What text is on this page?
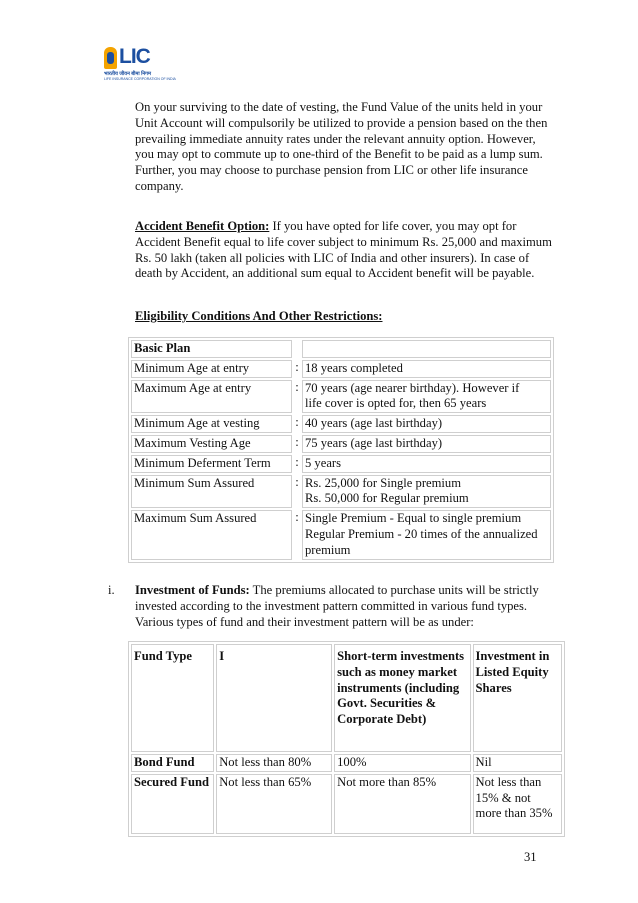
LIC
भारतीय जीवन बीमा निगम
LIFE INSURANCE CORPORATION OF INDIA
On your surviving to the date of vesting, the Fund Value of the units held in your Unit Account will compulsorily be utilized to provide a pension based on the then prevailing immediate annuity rates under the relevant annuity option. However, you may opt to commute up to one-third of the Benefit to be paid as a lump sum. Further, you may choose to purchase pension from LIC or other life insurance company.
Accident Benefit Option: If you have opted for life cover, you may opt for Accident Benefit equal to life cover subject to minimum Rs. 25,000 and maximum Rs. 50 lakh (taken all policies with LIC of India and other insurers). In case of death by Accident, an additional sum equal to Accident benefit will be payable.
Eligibility Conditions And Other Restrictions:
Basic Plan		
Minimum Age at entry	:	18 years completed

Maximum Age at entry	:	70 years (age nearer birthday). However if
life cover is opted for, then 65 years

Minimum Age at vesting	:	40 years (age last birthday)

Maximum Vesting Age	:	75 years (age last birthday)

Minimum Deferment Term	:	5 years

Minimum Sum Assured	:	Rs. 25,000 for Single premium
Rs. 50,000 for Regular premium

Maximum Sum Assured	:	Single Premium - Equal to single premium
Regular Premium - 20 times of the annualized
premium
i. Investment of Funds: The premiums allocated to purchase units will be strictly invested according to the investment pattern committed in various fund types. Various types of fund and their investment pattern will be as under:
Fund Type	I	Short-term investments such as money market instruments (including Govt. Securities & Corporate Debt)	Investment in Listed Equity Shares
Bond Fund	Not less than 80%	100%	Nil
Secured Fund	Not less than 65%	Not more than 85%	Not less than 15% & not more than 35%
31
